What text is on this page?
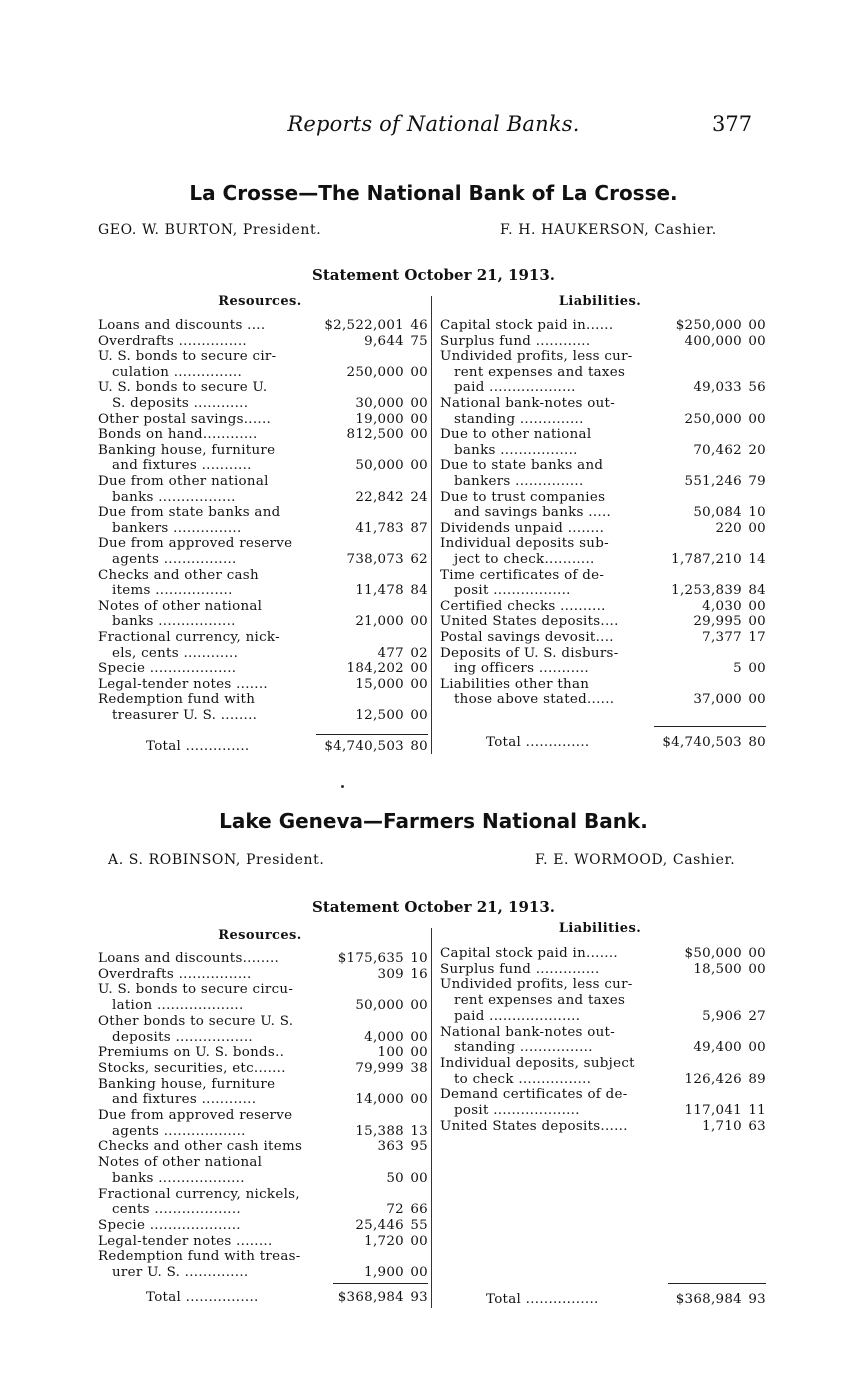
Reports of National Banks.	377
La Crosse—The National Bank of La Crosse.
GEO. W. BURTON, President.	F. H. HAUKERSON, Cashier.
Statement October 21, 1913.
Resources.	Liabilities.
Loans and discounts ....	$2,522,001 46
Overdrafts ...............	9,644 75
U. S. bonds to secure cir-
culation ...............	250,000 00
U. S. bonds to secure U.
S. deposits ............	30,000 00
Other postal savings......	19,000 00
Bonds on hand............	812,500 00
Banking house, furniture
and fixtures ...........	50,000 00
Due from other national
banks .................	22,842 24
Due from state banks and
bankers ...............	41,783 87
Due from approved reserve
agents ................	738,073 62
Checks and other cash
items .................	11,478 84
Notes of other national
banks .................	21,000 00
Fractional currency, nick-
els, cents ............	477 02
Specie ...................	184,202 00
Legal-tender notes .......	15,000 00
Redemption fund with
treasurer U. S. ........	12,500 00
Capital stock paid in......	$250,000 00
Surplus fund ............	400,000 00
Undivided profits, less cur-
rent expenses and taxes
paid ...................	49,033 56
National bank-notes out-
standing ..............	250,000 00
Due to other national
banks .................	70,462 20
Due to state banks and
bankers ...............	551,246 79
Due to trust companies
and savings banks .....	50,084 10
Dividends unpaid ........	220 00
Individual deposits sub-
ject to check...........	1,787,210 14
Time certificates of de-
posit .................	1,253,839 84
Certified checks ..........	4,030 00
United States deposits....	29,995 00
Postal savings devosit....	7,377 17
Deposits of U. S. disburs-
ing officers ...........	5 00
Liabilities other than
those above stated......	37,000 00
Total ..............	$4,740,503 80	Total ..............	$4,740,503 80
Lake Geneva—Farmers National Bank.
A. S. ROBINSON, President.	F. E. WORMOOD, Cashier.
Statement October 21, 1913.
Resources.	Liabilities.
Loans and discounts........	$175,635 10
Overdrafts ................	309 16
U. S. bonds to secure circu-
lation ...................	50,000 00
Other bonds to secure U. S.
deposits .................	4,000 00
Premiums on U. S. bonds..	100 00
Stocks, securities, etc.......	79,999 38
Banking house, furniture
and fixtures ............	14,000 00
Due from approved reserve
agents ..................	15,388 13
Checks and other cash items	363 95
Notes of other national
banks ...................	50 00
Fractional currency, nickels,
cents ...................	72 66
Specie ....................	25,446 55
Legal-tender notes ........	1,720 00
Redemption fund with treas-
urer U. S. ..............	1,900 00
Capital stock paid in.......	$50,000 00
Surplus fund ..............	18,500 00
Undivided profits, less cur-
rent expenses and taxes
paid ....................	5,906 27
National bank-notes out-
standing ................	49,400 00
Individual deposits, subject
to check ................	126,426 89
Demand certificates of de-
posit ...................	117,041 11
United States deposits......	1,710 63
Total ................	$368,984 93	Total ................	$368,984 93
